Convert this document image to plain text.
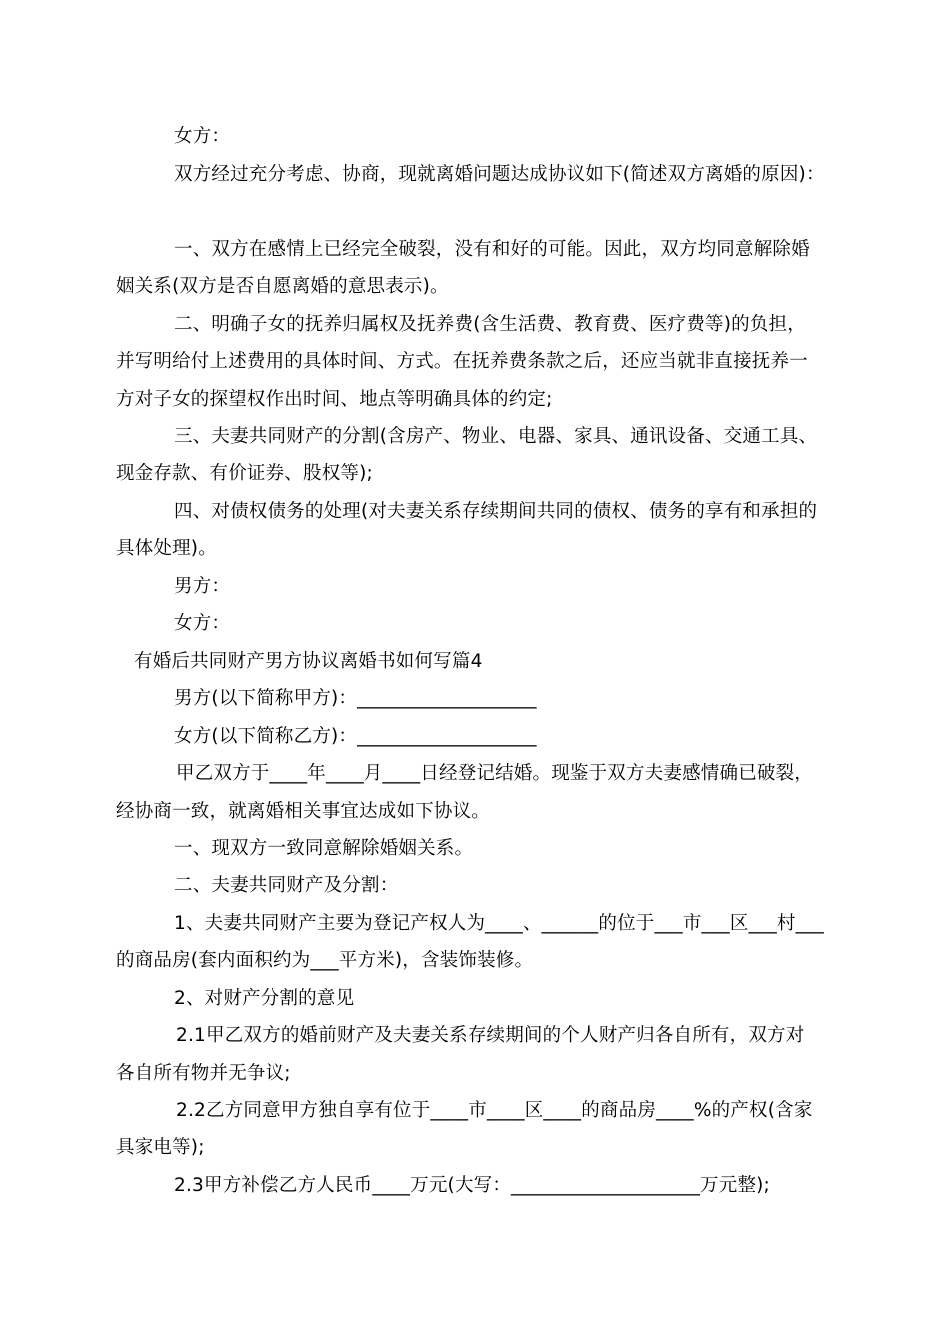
女方：
双方经过充分考虑、协商，现就离婚问题达成协议如下(简述双方离婚的原因)：
一、双方在感情上已经完全破裂，没有和好的可能。因此，双方均同意解除婚
姻关系(双方是否自愿离婚的意思表示)。
二、明确子女的抚养归属权及抚养费(含生活费、教育费、医疗费等)的负担，
并写明给付上述费用的具体时间、方式。在抚养费条款之后，还应当就非直接抚养一
方对子女的探望权作出时间、地点等明确具体的约定;
三、夫妻共同财产的分割(含房产、物业、电器、家具、通讯设备、交通工具、
现金存款、有价证券、股权等);
四、对债权债务的处理(对夫妻关系存续期间共同的债权、债务的享有和承担的
具体处理)。
男方：
女方：
有婚后共同财产男方协议离婚书如何写篇4
男方(以下简称甲方)：___________________
女方(以下简称乙方)：___________________
甲乙双方于____年____月____日经登记结婚。现鉴于双方夫妻感情确已破裂，
经协商一致，就离婚相关事宜达成如下协议。
一、现双方一致同意解除婚姻关系。
二、夫妻共同财产及分割：
1、夫妻共同财产主要为登记产权人为____、______的位于___市___区___村___
的商品房(套内面积约为___平方米)，含装饰装修。
2、对财产分割的意见
2.1甲乙双方的婚前财产及夫妻关系存续期间的个人财产归各自所有，双方对
各自所有物并无争议;
2.2乙方同意甲方独自享有位于____市____区____的商品房____%的产权(含家
具家电等);
2.3甲方补偿乙方人民币____万元(大写：____________________万元整);
